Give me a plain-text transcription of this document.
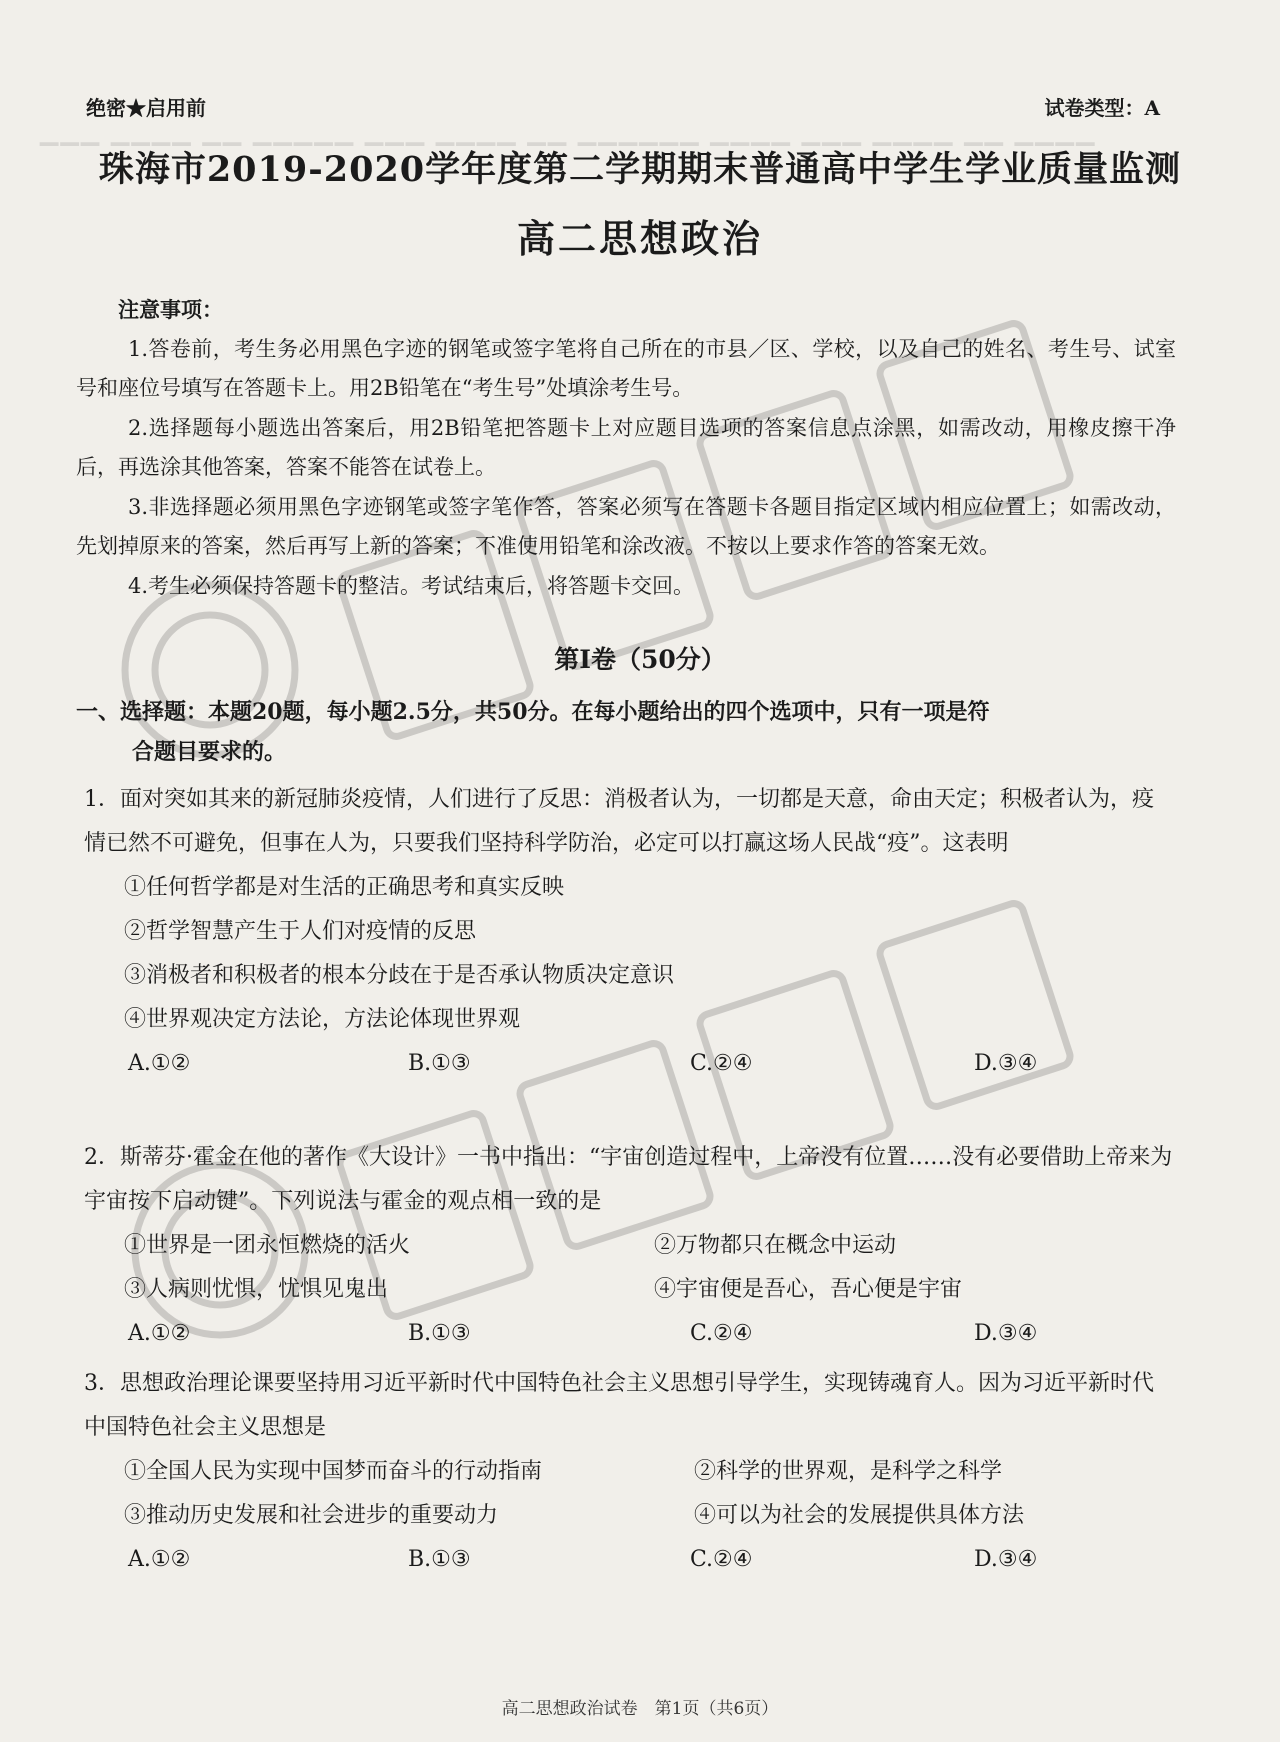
▁▁▁ ▁▁▁▁ ▁▁ ▁▁▁▁▁ ▁▁▁ ▁▁▁▁ ▁▁ ▁▁▁▁▁▁ ▁▁▁▁ ▁▁▁ ▁▁▁▁ ▁▁ ▁▁▁▁
绝密★启用前	试卷类型：A
珠海市2019-2020学年度第二学期期末普通高中学生学业质量监测
高二思想政治
注意事项：
1.答卷前，考生务必用黑色字迹的钢笔或签字笔将自己所在的市县／区、学校，以及自己的姓名、考生号、试室号和座位号填写在答题卡上。用2B铅笔在“考生号”处填涂考生号。
2.选择题每小题选出答案后，用2B铅笔把答题卡上对应题目选项的答案信息点涂黑，如需改动，用橡皮擦干净后，再选涂其他答案，答案不能答在试卷上。
3.非选择题必须用黑色字迹钢笔或签字笔作答，答案必须写在答题卡各题目指定区域内相应位置上；如需改动，先划掉原来的答案，然后再写上新的答案；不准使用铅笔和涂改液。不按以上要求作答的答案无效。
4.考生必须保持答题卡的整洁。考试结束后，将答题卡交回。
第Ⅰ卷（50分）
一、选择题：本题20题，每小题2.5分，共50分。在每小题给出的四个选项中，只有一项是符
合题目要求的。
1．面对突如其来的新冠肺炎疫情，人们进行了反思：消极者认为，一切都是天意，命由天定；积极者认为，疫情已然不可避免，但事在人为，只要我们坚持科学防治，必定可以打赢这场人民战“疫”。这表明
①任何哲学都是对生活的正确思考和真实反映
②哲学智慧产生于人们对疫情的反思
③消极者和积极者的根本分歧在于是否承认物质决定意识
④世界观决定方法论，方法论体现世界观
A.①②	B.①③	C.②④	D.③④
2．斯蒂芬·霍金在他的著作《大设计》一书中指出：“宇宙创造过程中，上帝没有位置……没有必要借助上帝来为宇宙按下启动键”。下列说法与霍金的观点相一致的是
①世界是一团永恒燃烧的活火	②万物都只在概念中运动
③人病则忧惧，忧惧见鬼出	④宇宙便是吾心，吾心便是宇宙
A.①②	B.①③	C.②④	D.③④
3．思想政治理论课要坚持用习近平新时代中国特色社会主义思想引导学生，实现铸魂育人。因为习近平新时代中国特色社会主义思想是
①全国人民为实现中国梦而奋斗的行动指南	②科学的世界观，是科学之科学
③推动历史发展和社会进步的重要动力	④可以为社会的发展提供具体方法
A.①②	B.①③	C.②④	D.③④
高二思想政治试卷　第1页（共6页）
